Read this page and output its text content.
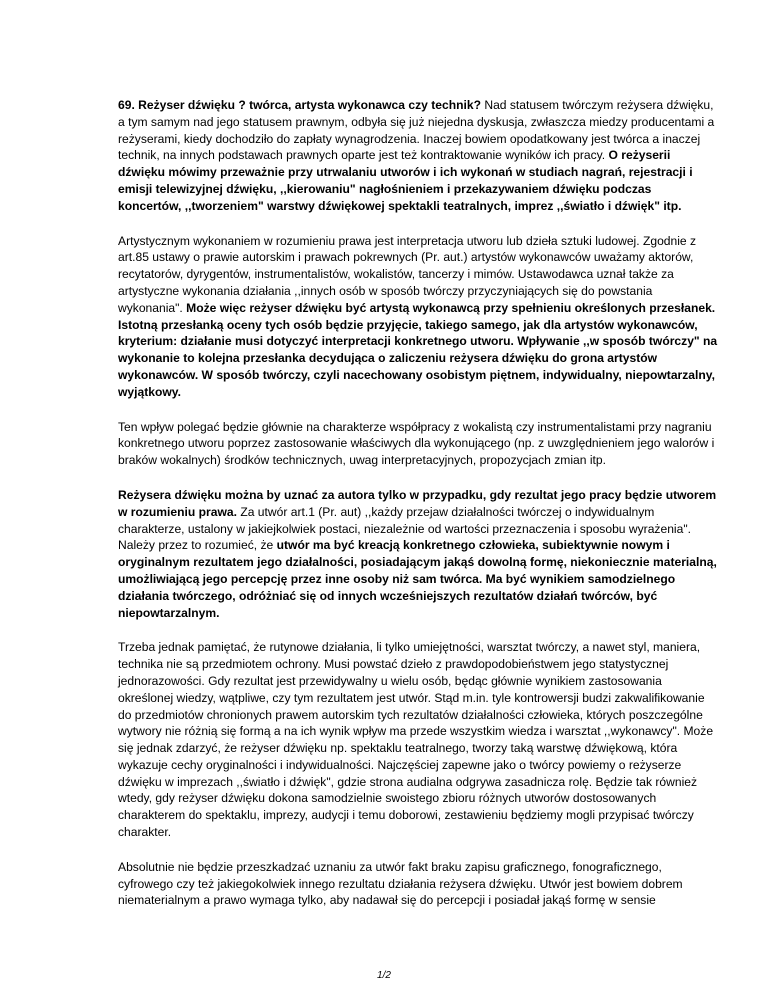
69. Reżyser dźwięku ? twórca, artysta wykonawca czy technik? Nad statusem twórczym reżysera dźwięku, a tym samym nad jego statusem prawnym, odbyła się już niejedna dyskusja, zwłaszcza miedzy producentami a reżyserami, kiedy dochodziło do zapłaty wynagrodzenia. Inaczej bowiem opodatkowany jest twórca a inaczej technik, na innych podstawach prawnych oparte jest też kontraktowanie wyników ich pracy. O reżyserii dźwięku mówimy przeważnie przy utrwalaniu utworów i ich wykonań w studiach nagrań, rejestracji i emisji telewizyjnej dźwięku, ,,kierowaniu" nagłośnieniem i przekazywaniem dźwięku podczas koncertów, ,,tworzeniem" warstwy dźwiękowej spektakli teatralnych, imprez ,,światło i dźwięk" itp.

Artystycznym wykonaniem w rozumieniu prawa jest interpretacja utworu lub dzieła sztuki ludowej. Zgodnie z art.85 ustawy o prawie autorskim i prawach pokrewnych (Pr. aut.) artystów wykonawców uważamy aktorów, recytatorów, dyrygentów, instrumentalistów, wokalistów, tancerzy i mimów. Ustawodawca uznał także za artystyczne wykonania działania ,,innych osób w sposób twórczy przyczyniających się do powstania wykonania". Może więc reżyser dźwięku być artystą wykonawcą przy spełnieniu określonych przesłanek. Istotną przesłanką oceny tych osób będzie przyjęcie, takiego samego, jak dla artystów wykonawców, kryterium: działanie musi dotyczyć interpretacji konkretnego utworu. Wpływanie ,,w sposób twórczy" na wykonanie to kolejna przesłanka decydująca o zaliczeniu reżysera dźwięku do grona artystów wykonawców. W sposób twórczy, czyli nacechowany osobistym piętnem, indywidualny, niepowtarzalny, wyjątkowy.

Ten wpływ polegać będzie głównie na charakterze współpracy z wokalistą czy instrumentalistami przy nagraniu konkretnego utworu poprzez zastosowanie właściwych dla wykonującego (np. z uwzględnieniem jego walorów i braków wokalnych) środków technicznych, uwag interpretacyjnych, propozycjach zmian itp.

Reżysera dźwięku można by uznać za autora tylko w przypadku, gdy rezultat jego pracy będzie utworem w rozumieniu prawa. Za utwór art.1 (Pr. aut) ,,każdy przejaw działalności twórczej o indywidualnym charakterze, ustalony w jakiejkolwiek postaci, niezależnie od wartości przeznaczenia i sposobu wyrażenia". Należy przez to rozumieć, że utwór ma być kreacją konkretnego człowieka, subiektywnie nowym i oryginalnym rezultatem jego działalności, posiadającym jakąś dowolną formę, niekoniecznie materialną, umożliwiającą jego percepcję przez inne osoby niż sam twórca. Ma być wynikiem samodzielnego działania twórczego, odróżniać się od innych wcześniejszych rezultatów działań twórców, być niepowtarzalnym.

Trzeba jednak pamiętać, że rutynowe działania, li tylko umiejętności, warsztat twórczy, a nawet styl, maniera, technika nie są przedmiotem ochrony. Musi powstać dzieło z prawdopodobieństwem jego statystycznej jednorazowości. Gdy rezultat jest przewidywalny u wielu osób, będąc głównie wynikiem zastosowania określonej wiedzy, wątpliwe, czy tym rezultatem jest utwór. Stąd m.in. tyle kontrowersji budzi zakwalifikowanie do przedmiotów chronionych prawem autorskim tych rezultatów działalności człowieka, których poszczególne wytwory nie różnią się formą a na ich wynik wpływ ma przede wszystkim wiedza i warsztat ,,wykonawcy". Może się jednak zdarzyć, że reżyser dźwięku np. spektaklu teatralnego, tworzy taką warstwę dźwiękową, która wykazuje cechy oryginalności i indywidualności. Najczęściej zapewne jako o twórcy powiemy o reżyserze dźwięku w imprezach ,,światło i dźwięk", gdzie strona audialna odgrywa zasadnicza rolę. Będzie tak również wtedy, gdy reżyser dźwięku dokona samodzielnie swoistego zbioru różnych utworów dostosowanych charakterem do spektaklu, imprezy, audycji i temu doborowi, zestawieniu będziemy mogli przypisać twórczy charakter.

Absolutnie nie będzie przeszkadzać uznaniu za utwór fakt braku zapisu graficznego, fonograficznego, cyfrowego czy też jakiegokolwiek innego rezultatu działania reżysera dźwięku. Utwór jest bowiem dobrem niematerialnym a prawo wymaga tylko, aby nadawał się do percepcji i posiadał jakąś formę w sensie

1/2
